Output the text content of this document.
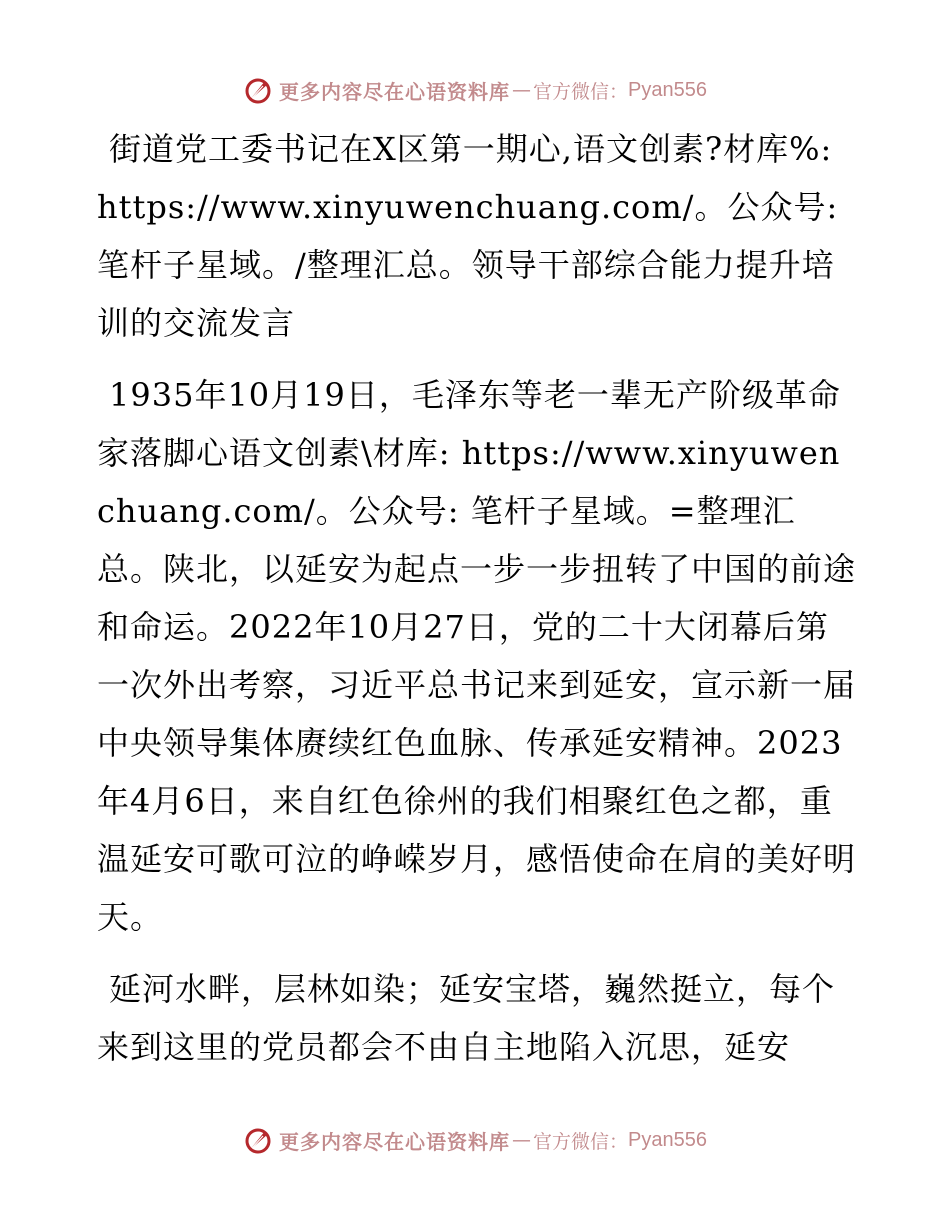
更多内容尽在心语资料库 — 官方微信： Pyan556

街道党工委书记在X区第一期心,语文创素?材库%: https://www.xinyuwenchuang.com/。公众号: 笔杆子星域。/整理汇总。领导干部综合能力提升培训的交流发言

1935年10月19日，毛泽东等老一辈无产阶级革命家落脚心语文创素\材库: https://www.xinyuwenchuang.com/。公众号: 笔杆子星域。=整理汇总。陕北，以延安为起点一步一步扭转了中国的前途和命运。2022年10月27日，党的二十大闭幕后第一次外出考察，习近平总书记来到延安，宣示新一届中央领导集体赓续红色血脉、传承延安精神。2023年4月6日，来自红色徐州的我们相聚红色之都，重温延安可歌可泣的峥嵘岁月，感悟使命在肩的美好明天。

延河水畔，层林如染；延安宝塔，巍然挺立，每个来到这里的党员都会不由自主地陷入沉思，延安

更多内容尽在心语资料库 — 官方微信： Pyan556
